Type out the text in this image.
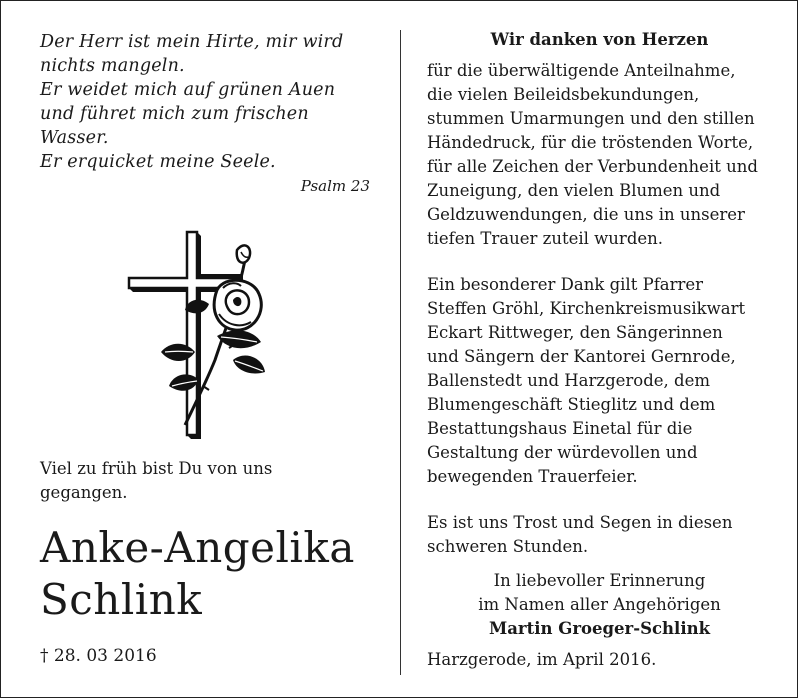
Der Herr ist mein Hirte, mir wird
nichts mangeln.
Er weidet mich auf grünen Auen
und führet mich zum frischen
Wasser.
Er erquicket meine Seele.
Psalm 23
Viel zu früh bist Du von uns
gegangen.
Anke-Angelika
Schlink
† 28. 03 2016
Wir danken von Herzen
für die überwältigende Anteilnahme,
die vielen Beileidsbekundungen,
stummen Umarmungen und den stillen
Händedruck, für die tröstenden Worte,
für alle Zeichen der Verbundenheit und
Zuneigung, den vielen Blumen und
Geldzuwendungen, die uns in unserer
tiefen Trauer zuteil wurden.
Ein besonderer Dank gilt Pfarrer
Steffen Gröhl, Kirchenkreismusikwart
Eckart Rittweger, den Sängerinnen
und Sängern der Kantorei Gernrode,
Ballenstedt und Harzgerode, dem
Blumengeschäft Stieglitz und dem
Bestattungshaus Einetal für die
Gestaltung der würdevollen und
bewegenden Trauerfeier.
Es ist uns Trost und Segen in diesen
schweren Stunden.
In liebevoller Erinnerung
im Namen aller Angehörigen
Martin Groeger-Schlink
Harzgerode, im April 2016.
